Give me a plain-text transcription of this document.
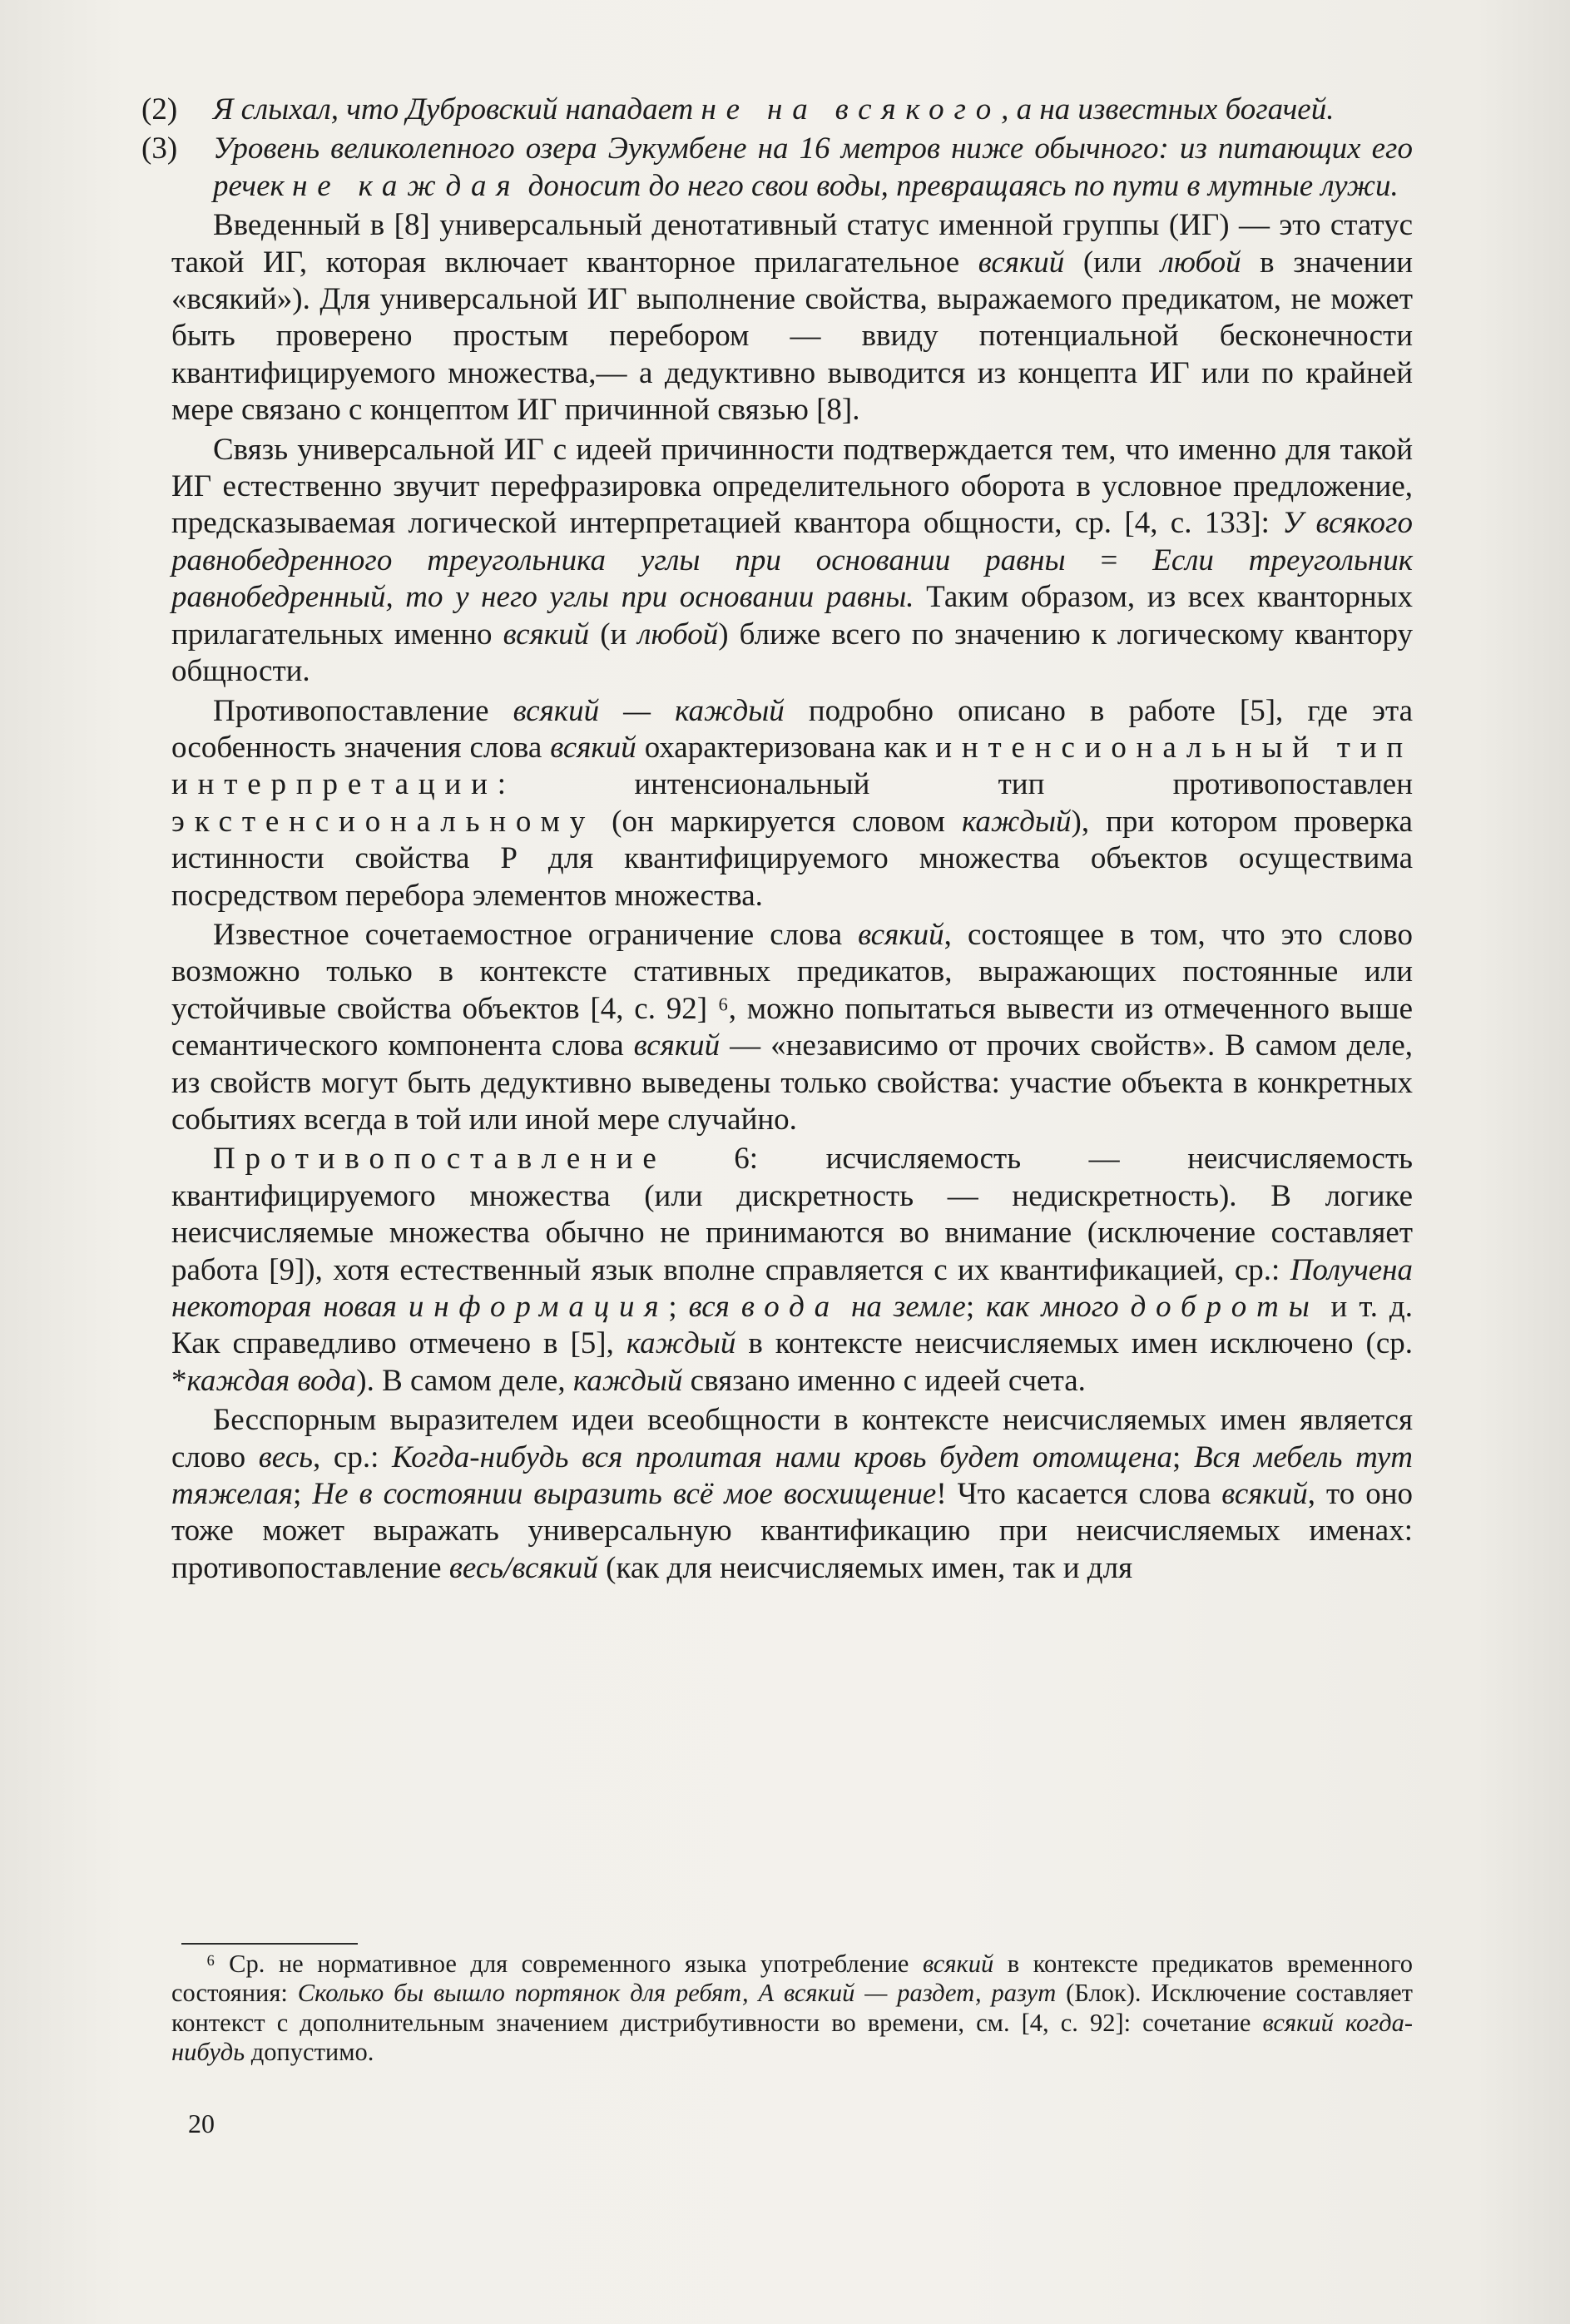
(2) Я слыхал, что Дубровский нападает не на всякого, а на известных богачей.

(3) Уровень великолепного озера Эукумбене на 16 метров ниже обычного: из питающих его речек не каждая доносит до него свои воды, превращаясь по пути в мутные лужи.

Введенный в [8] универсальный денотативный статус именной группы (ИГ) — это статус такой ИГ, которая включает кванторное прилагательное всякий (или любой в значении «всякий»). Для универсальной ИГ выполнение свойства, выражаемого предикатом, не может быть проверено простым перебором — ввиду потенциальной бесконечности квантифицируемого множества,— а дедуктивно выводится из концепта ИГ или по крайней мере связано с концептом ИГ причинной связью [8].

Связь универсальной ИГ с идеей причинности подтверждается тем, что именно для такой ИГ естественно звучит перефразировка определительного оборота в условное предложение, предсказываемая логической интерпретацией квантора общности, ср. [4, с. 133]: У всякого равнобедренного треугольника углы при основании равны = Если треугольник равнобедренный, то у него углы при основании равны. Таким образом, из всех кванторных прилагательных именно всякий (и любой) ближе всего по значению к логическому квантору общности.

Противопоставление всякий — каждый подробно описано в работе [5], где эта особенность значения слова всякий охарактеризована как интенсиональный тип интерпретации: интенсиональный тип противопоставлен экстенсиональному (он маркируется словом каждый), при котором проверка истинности свойства Р для квантифицируемого множества объектов осуществима посредством перебора элементов множества.

Известное сочетаемостное ограничение слова всякий, состоящее в том, что это слово возможно только в контексте стативных предикатов, выражающих постоянные или устойчивые свойства объектов [4, с. 92] ⁶, можно попытаться вывести из отмеченного выше семантического компонента слова всякий — «независимо от прочих свойств». В самом деле, из свойств могут быть дедуктивно выведены только свойства: участие объекта в конкретных событиях всегда в той или иной мере случайно.

Противопоставление 6: исчисляемость — неисчисляемость квантифицируемого множества (или дискретность — недискретность). В логике неисчисляемые множества обычно не принимаются во внимание (исключение составляет работа [9]), хотя естественный язык вполне справляется с их квантификацией, ср.: Получена некоторая новая информация; вся вода на земле; как много доброты и т. д. Как справедливо отмечено в [5], каждый в контексте неисчисляемых имен исключено (ср. *каждая вода). В самом деле, каждый связано именно с идеей счета.

Бесспорным выразителем идеи всеобщности в контексте неисчисляемых имен является слово весь, ср.: Когда-нибудь вся пролитая нами кровь будет отомщена; Вся мебель тут тяжелая; Не в состоянии выразить всё мое восхищение! Что касается слова всякий, то оно тоже может выражать универсальную квантификацию при неисчисляемых именах: противопоставление весь/всякий (как для неисчисляемых имен, так и для

⁶ Ср. не нормативное для современного языка употребление всякий в контексте предикатов временного состояния: Сколько бы вышло портянок для ребят, А всякий — раздет, разут (Блок). Исключение составляет контекст с дополнительным значением дистрибутивности во времени, см. [4, с. 92]: сочетание всякий когда-нибудь допустимо.

20
